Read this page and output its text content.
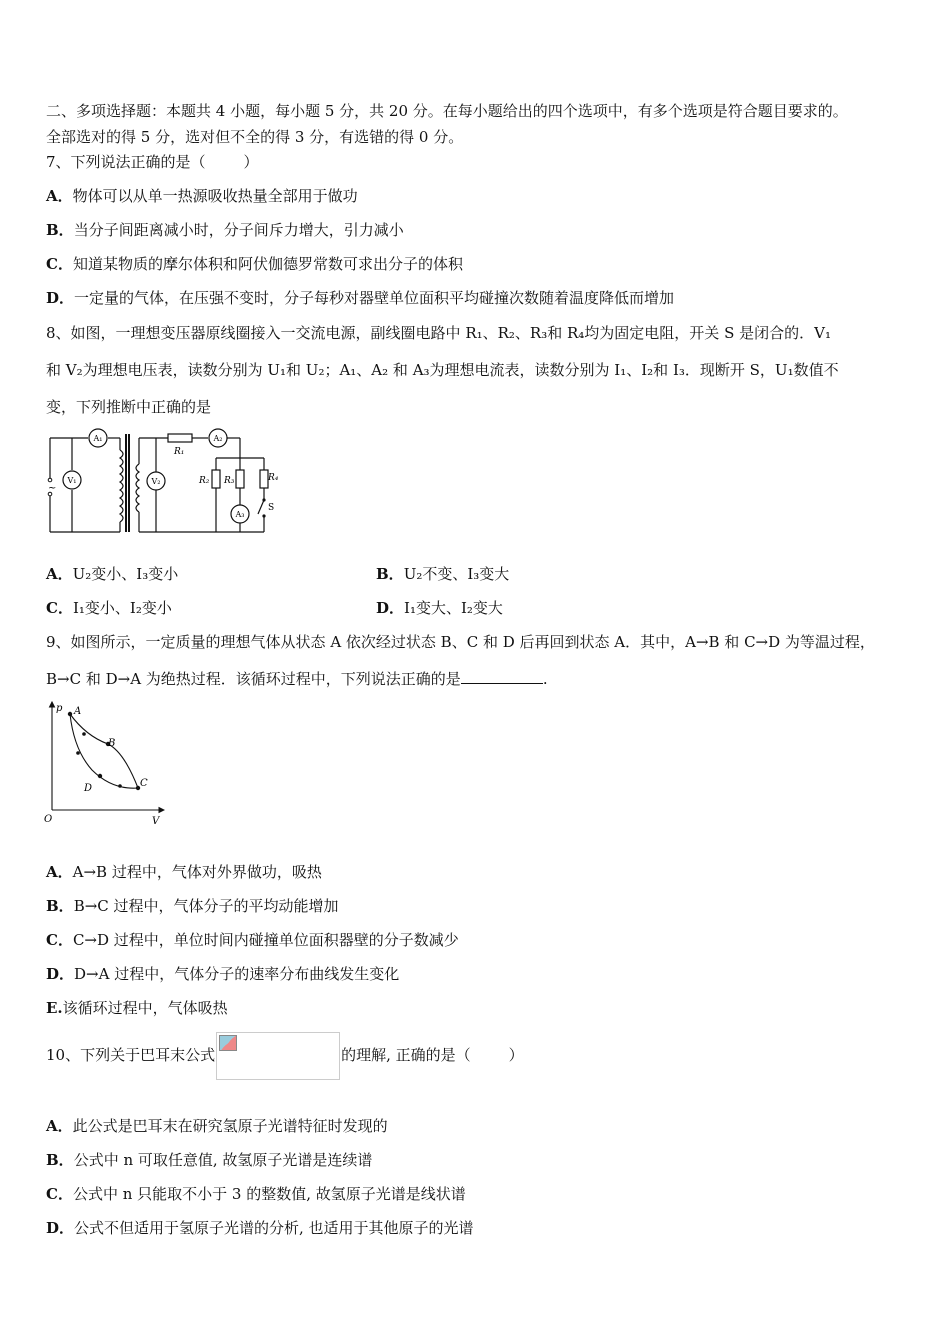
二、多项选择题：本题共 4 小题，每小题 5 分，共 20 分。在每小题给出的四个选项中，有多个选项是符合题目要求的。
全部选对的得 5 分，选对但不全的得 3 分，有选错的得 0 分。
7、下列说法正确的是（	）
A．物体可以从单一热源吸收热量全部用于做功
B．当分子间距离减小时，分子间斥力增大，引力减小
C．知道某物质的摩尔体积和阿伏伽德罗常数可求出分子的体积
D．一定量的气体，在压强不变时，分子每秒对器壁单位面积平均碰撞次数随着温度降低而增加
8、如图，一理想变压器原线圈接入一交流电源，副线圈电路中 R₁、R₂、R₃和 R₄均为固定电阻，开关 S 是闭合的．V₁
和 V₂为理想电压表，读数分别为 U₁和 U₂；A₁、A₂ 和 A₃为理想电流表，读数分别为 I₁、I₂和 I₃．现断开 S，U₁数值不
变，下列推断中正确的是
~
A₁
V₁	V₂
A₂
A₃
R₁
R₂ R₃	R₄
S
A．U₂变小、I₃变小	B．U₂不变、I₃变大
C．I₁变小、I₂变小	D．I₁变大、I₂变大
9、如图所示，一定质量的理想气体从状态 A 依次经过状态 B、C 和 D 后再回到状态 A．其中，A→B 和 C→D 为等温过程，
B→C 和 D→A 为绝热过程．该循环过程中，下列说法正确的是	.
p
V
O
A
B
C
D
A．A→B 过程中，气体对外界做功，吸热
B．B→C 过程中，气体分子的平均动能增加
C．C→D 过程中，单位时间内碰撞单位面积器壁的分子数减少
D．D→A 过程中，气体分子的速率分布曲线发生变化
E.该循环过程中，气体吸热
10、下列关于巴耳末公式	的理解, 正确的是（	）
A．此公式是巴耳末在研究氢原子光谱特征时发现的
B．公式中 n 可取任意值, 故氢原子光谱是连续谱
C．公式中 n 只能取不小于 3 的整数值, 故氢原子光谱是线状谱
D．公式不但适用于氢原子光谱的分析, 也适用于其他原子的光谱
